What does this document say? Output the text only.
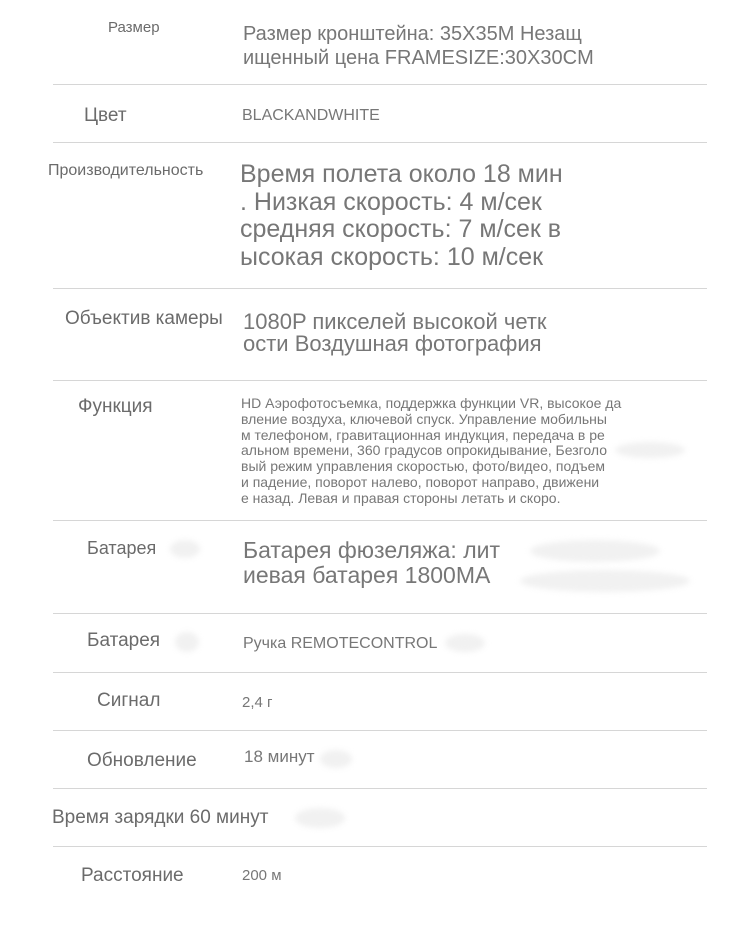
Размер	Размер кронштейна: 35X35M Незащ
ищенный цена FRAMESIZE:30X30CM

Цвет	BLACKANDWHITE

Производительность Время полета около 18 мин
. Низкая скорость: 4 м/сек
средняя скорость: 7 м/сек в
ысокая скорость: 10 м/сек

Объектив камеры 1080P пикселей высокой четк
ости Воздушная фотография

Функция	HD Аэрофотосъемка, поддержка функции VR, высокое да
вление воздуха, ключевой спуск. Управление мобильны
м телефоном, гравитационная индукция, передача в ре
альном времени, 360 градусов опрокидывание, Безголо
вый режим управления скоростью, фото/видео, подъем
и падение, поворот налево, поворот направо, движени
е назад. Левая и правая стороны летать и скоро.

Батарея	Батарея фюзеляжа: лит
иевая батарея 1800MA

Батарея	Ручка REMOTECONTROL

Сигнал	2,4 г

Обновление	18 минут

Время зарядки 60 минут

Расстояние	200 м
